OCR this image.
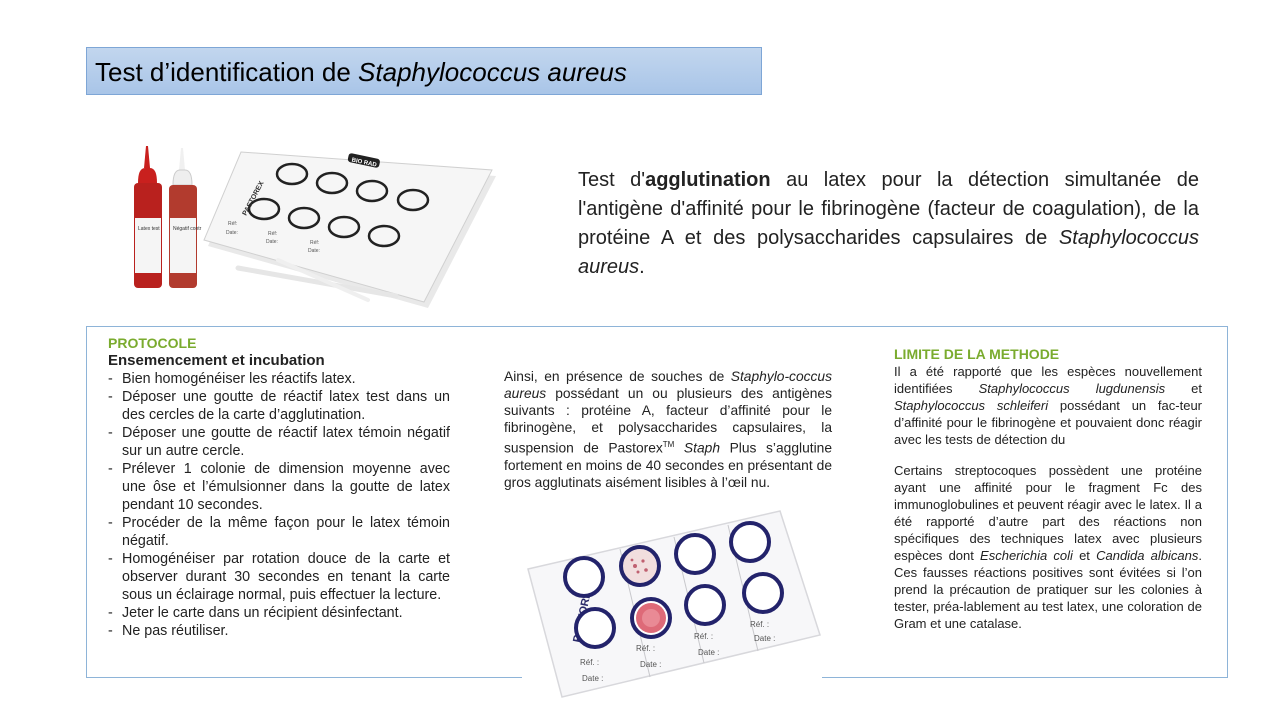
Test d’identification de Staphylococcus aureus
BIO RAD
PASTOREX
Réf:
Date:	Réf:
Date:	Réf:
Date:
Latex test	Négatif contr
Test d'agglutination au latex pour la détection simultanée de l'antigène d'affinité pour le fibrinogène (facteur de coagulation), de la protéine A et des polysaccharides capsulaires de Staphylococcus aureus.
PROTOCOLE
Ensemencement et incubation
- Bien homogénéiser les réactifs latex.
- Déposer une goutte de réactif latex test dans un des cercles de la carte d’agglutination.
- Déposer une goutte de réactif latex témoin négatif sur un autre cercle.
- Prélever 1 colonie de dimension moyenne avec une ôse et l’émulsionner dans la goutte de latex pendant 10 secondes.
- Procéder de la même façon pour le latex témoin négatif.
- Homogénéiser par rotation douce de la carte et observer durant 30 secondes en tenant la carte sous un éclairage normal, puis effectuer la lecture.
- Jeter le carte dans un récipient désinfectant.
- Ne pas réutiliser.
Ainsi, en présence de souches de Staphylo-coccus aureus possédant un ou plusieurs des antigènes suivants : protéine A, facteur d’affinité pour le fibrinogène, et polysaccharides capsulaires, la suspension de Pastorex™ Staph Plus s’agglutine fortement en moins de 40 secondes en présentant de gros agglutinats aisément lisibles à l’œil nu.
Réf. :
Date :
Réf. :
Date :
Réf. :
Date :
Réf. :
Date :
LIMITE DE LA METHODE

Il a été rapporté que les espèces nouvellement identifiées Staphylococcus lugdunensis et Staphylococcus schleiferi possédant un fac-teur d’affinité pour le fibrinogène et pouvaient donc réagir avec les tests de détection du

Certains streptocoques possèdent une protéine ayant une affinité pour le fragment Fc des immunoglobulines et peuvent réagir avec le latex. Il a été rapporté d’autre part des réactions non spécifiques des techniques latex avec plusieurs espèces dont Escherichia coli et Candida albicans. Ces fausses réactions positives sont évitées si l’on prend la précaution de pratiquer sur les colonies à tester, préa-lablement au test latex, une coloration de Gram et une catalase.
